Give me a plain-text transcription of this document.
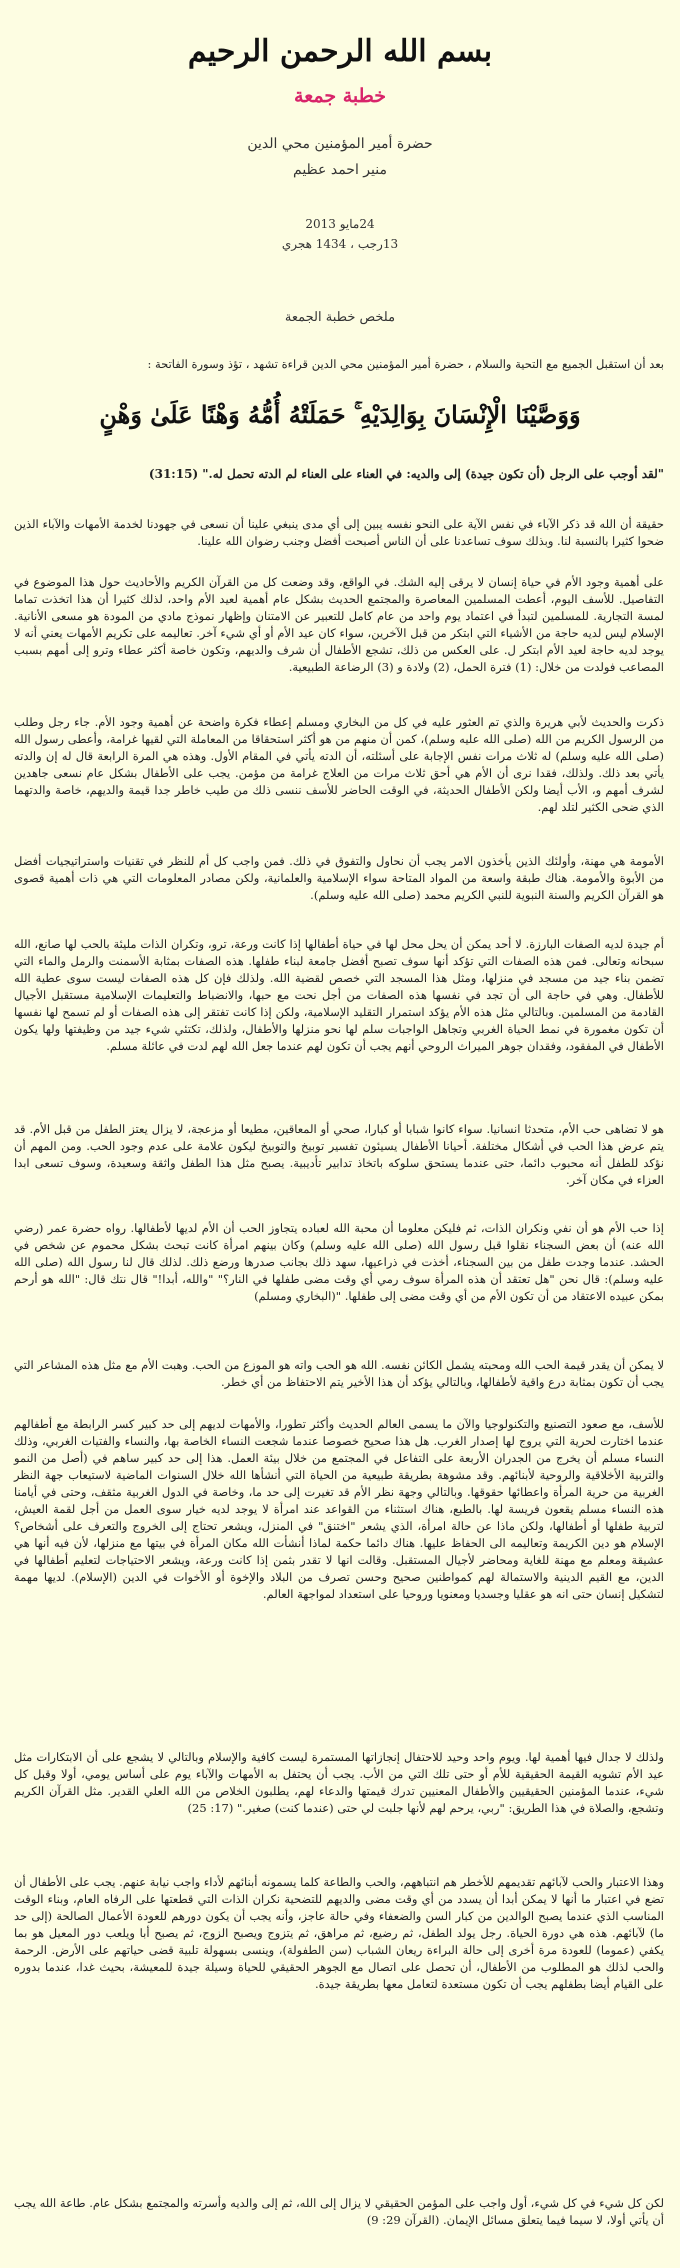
بسم الله الرحمن الرحيم
خطبة جمعة
حضرة أمير المؤمنين محي الدين
منير احمد عظيم
24مايو 2013
13رجب ، 1434 هجري
ملخص خطبة الجمعة
بعد أن استقبل الجميع مع التحية والسلام ، حضرة أمير المؤمنين محي الدين قراءة تشهد ، تؤذ وسورة الفاتحة :
وَوَصَّيْنَا الْإِنْسَانَ بِوَالِدَيْهِ ۚ حَمَلَتْهُ أُمُّهُ وَهْنًا عَلَىٰ وَهْنٍ
"لقد أوجب على الرجل (أن تكون جيدة) إلى والديه: في العناء على العناء لم الدته تحمل له." (31:15)
حقيقة أن الله قد ذكر الآباء في نفس الآية على النحو نفسه يبين إلى أي مدى ينبغي علينا أن نسعى في جهودنا لخدمة الأمهات والآباء الذين ضحوا كثيرا بالنسبة لنا. وبذلك سوف تساعدنا على أن الناس أصبحت أفضل وجنب رضوان الله علينا.
على أهمية وجود الأم في حياة إنسان لا يرقى إليه الشك. في الواقع، وقد وضعت كل من القرآن الكريم والأحاديث حول هذا الموضوع في التفاصيل. للأسف اليوم، أعطت المسلمين المعاصرة والمجتمع الحديث بشكل عام أهمية لعيد الأم واحد، لذلك كثيرا أن هذا اتخذت تماما لمسة التجارية. للمسلمين لتبدأ في اعتماد يوم واحد من عام كامل للتعبير عن الامتنان وإظهار نموذج مادي من المودة هو مسعى الأنانية. الإسلام ليس لديه حاجة من الأشياء التي ابتكر من قبل الآخرين، سواء كان عيد الأم أو أي شيء آخر. تعاليمه على تكريم الأمهات يعني أنه لا يوجد لديه حاجة لعيد الأم ابتكر ل. على العكس من ذلك، تشجع الأطفال أن شرف والديهم، وتكون خاصة أكثر عطاء وترو إلى أمهم بسبب المصاعب فولدت من خلال: (1) فترة الحمل، (2) ولادة و (3) الرضاعة الطبيعية.
ذكرت والحديث لأبي هريرة والذي تم العثور عليه في كل من البخاري ومسلم إعطاء فكرة واضحة عن أهمية وجود الأم. جاء رجل وطلب من الرسول الكريم من الله (صلى الله عليه وسلم)، كمن أن منهم من هو أكثر استحقاقا من المعاملة التي لقيها غرامة، وأعطى رسول الله (صلى الله عليه وسلم) له ثلاث مرات نفس الإجابة على أسئلته، أن الدته يأتي في المقام الأول. وهذه هي المرة الرابعة قال له إن والدته يأتي بعد ذلك. ولذلك، فقدا نرى أن الأم هي أحق ثلاث مرات من العلاج غرامة من مؤمن. يجب على الأطفال بشكل عام نسعى جاهدين لشرف أمهم و، الأب أيضا ولكن الأطفال الحديثة، في الوقت الحاضر للأسف ننسى ذلك من طيب خاطر جدا قيمة والديهم، خاصة والدتهما الذي ضحى الكثير لتلد لهم.
الأمومة هي مهنة، وأولئك الذين يأخذون الامر يجب أن نحاول والتفوق في ذلك. فمن واجب كل أم للنظر في تقنيات واستراتيجيات أفضل من الأبوة والأمومة. هناك طبقة واسعة من المواد المتاحة سواء الإسلامية والعلمانية، ولكن مصادر المعلومات التي هي ذات أهمية قصوى هو القرآن الكريم والسنة النبوية للنبي الكريم محمد (صلى الله عليه وسلم).
أم جيدة لديه الصفات البارزة. لا أحد يمكن أن يحل محل لها في حياة أطفالها إذا كانت ورعة، ترو، وتكران الذات مليئة بالحب لها صانع، الله سبحانه وتعالى. فمن هذه الصفات التي تؤكد أنها سوف تصبح أفضل جامعة لبناء طفلها. هذه الصفات بمثابة الأسمنت والرمل والماء التي تضمن بناء جيد من مسجد في منزلها، ومثل هذا المسجد التي خصص لقضية الله. ولذلك فإن كل هذه الصفات ليست سوى عطية الله للأطفال. وهي في حاجة الى أن تجد في نفسها هذه الصفات من أجل نحت مع حبها، والانضباط والتعليمات الإسلامية مستقبل الأجيال القادمة من المسلمين. وبالتالي مثل هذه الأم يؤكد استمرار التقليد الإسلامية، ولكن إذا كانت تفتقر إلى هذه الصفات أو لم تسمح لها نفسها أن تكون مغمورة في نمط الحياة الغربي وتجاهل الواجبات سلم لها نحو منزلها والأطفال، ولذلك، تكتئي شيء جيد من وظيفتها ولها يكون الأطفال في المفقود، وفقدان جوهر الميراث الروحي أنهم يجب أن تكون لهم عندما جعل الله لهم لدت في عائلة مسلم.
هو لا تضاهى حب الأم، متحدثا انسانيا. سواء كانوا شبابا أو كبارا، صحي أو المعاقين، مطيعا أو مزعجة، لا يزال يعتز الطفل من قبل الأم. قد يتم عرض هذا الحب في أشكال مختلفة. أحيانا الأطفال يسيئون تفسير توبيخ والتوبيخ ليكون علامة على عدم وجود الحب. ومن المهم أن نؤكد للطفل أنه محبوب دائما، حتى عندما يستحق سلوكه باتخاذ تدابير تأديبية. يصبح مثل هذا الطفل واثقة وسعيدة، وسوف تسعى ابدا العزاء في مكان آخر.
إذا حب الأم هو أن نفي ونكران الذات، ثم فليكن معلوما أن محبة الله لعباده يتجاوز الحب أن الأم لديها لأطفالها. رواه حضرة عمر (رضي الله عنه) أن بعض السجناء نقلوا قبل رسول الله (صلى الله عليه وسلم) وكان بينهم امرأة كانت تبحث بشكل محموم عن شخص في الحشد. عندما وجدت طفل من بين السجناء، أخذت في ذراعيها، سهد ذلك بجانب صدرها ورضع ذلك. لذلك قال لنا رسول الله (صلى الله عليه وسلم): قال نحن "هل تعتقد أن هذه المرأة سوف رمي أي وقت مضى طفلها في النار؟" "والله، أبدا!" قال نتك قال: "الله هو أرحم بمكن عبيده الاعتقاد من أن تكون الأم من أي وقت مضى إلى طفلها. "(البخاري ومسلم)
لا يمكن أن يقدر قيمة الحب الله ومحبته يشمل الكائن نفسه. الله هو الحب واته هو الموزع من الحب. وهبت الأم مع مثل هذه المشاعر التي يجب أن تكون بمثابة درع واقية لأطفالها، وبالتالي يؤكد أن هذا الأخير يتم الاحتفاظ من أي خطر.
للأسف، مع صعود التصنيع والتكنولوجيا والآن ما يسمى العالم الحديث وأكثر تطورا، والأمهات لديهم إلى حد كبير كسر الرابطة مع أطفالهم عندما اختارت لحرية التي يروج لها إصدار الغرب. هل هذا صحيح خصوصا عندما شجعت النساء الخاصة بها، والنساء والفتيات الغربي، وذلك النساء مسلم أن يخرج من الجدران الأربعة على التفاعل في المجتمع من خلال بيئة العمل. هذا إلى حد كبير ساهم في (أصل من النمو والتربية الأخلاقية والروحية لأبنائهم. وقد مشوهة بطريقة طبيعية من الحياة التي أنشأها الله خلال السنوات الماضية لاستيعاب جهة النظر الغربية من حرية المرأة واعطائها حقوقها. وبالتالي وجهة نظر الأم قد تغيرت إلى حد ما، وخاصة في الدول الغربية مثقف، وحتى في أيامنا هذه النساء مسلم يقعون فريسة لها. بالطبع، هناك استثناء من القواعد عند امرأة لا يوجد لديه خيار سوى العمل من أجل لقمة العيش، لتربية طفلها أو أطفالها، ولكن ماذا عن حالة امرأة، الذي يشعر "اختنق" في المنزل، ويشعر تحتاج إلى الخروج والتعرف على أشخاص؟ الإسلام هو دين الكريمة وتعاليمه الى الحفاظ عليها. هناك دائما حكمة لماذا أنشأت الله مكان المرأة في بيتها مع منزلها، لأن فيه أنها هي عشيقة ومعلم مع مهنة للغاية ومحاضر لأجيال المستقبل. وقالت انها لا تقدر بثمن إذا كانت ورعة، ويشعر الاحتياجات لتعليم أطفالها في الدين، مع القيم الدينية والاستمالة لهم كمواطنين صحيح وحسن تصرف من البلاد والإخوة أو الأخوات في الدين (الإسلام). لديها مهمة لتشكيل إنسان حتى انه هو عقليا وجسديا ومعنويا وروحيا على استعداد لمواجهة العالم.
ولذلك لا جدال فيها أهمية لها. ويوم واحد وحيد للاحتفال إنجازاتها المستمرة ليست كافية والإسلام وبالتالي لا يشجع على أن الابتكارات مثل عيد الأم تشويه القيمة الحقيقية للأم أو حتى تلك التي من الأب. يجب أن يحتفل به الأمهات والآباء يوم على أساس يومي، أولا وقبل كل شيء، عندما المؤمنين الحقيقيين والأطفال المعنيين تدرك قيمتها والدعاء لهم، يطلبون الخلاص من الله العلي القدير. مثل القرآن الكريم وتشجع، والصلاة في هذا الطريق: "ربي، يرحم لهم لأنها جلبت لي حتى (عندما كنت) صغير." (17: 25)
وهذا الاعتبار والحب لآبائهم تقديمهم للأخطر هم انتباههم، والحب والطاعة كلما يسمونه أبنائهم لأداء واجب نيابة عنهم. يجب على الأطفال أن تضع في اعتبار ما أنها لا يمكن أبدا أن يسدد من أي وقت مضى والديهم للتضحية نكران الذات التي قطعتها على الرفاه العام، وبناء الوقت المناسب الذي عندما يصبح الوالدين من كبار السن والضعفاء وفي حالة عاجز، وأنه يجب أن يكون دورهم للعودة الأعمال الصالحة (إلى حد ما) لآبائهم. هذه هي دورة الحياة. رجل يولد الطفل، ثم رضيع، ثم مراهق، ثم يتزوج ويصبح الزوج، ثم يصبح أبا ويلعب دور المعيل هو بما يكفي (عموما) للعودة مرة أخرى إلى حالة البراءة ريعان الشباب (سن الطفولة)، وينسى بسهولة تلبية قضى حياتهم على الأرض. الرحمة والحب لذلك هو المطلوب من الأطفال، أن تحصل على اتصال مع الجوهر الحقيقي للحياة وسيلة جيدة للمعيشة، بحيث غدا، عندما بدوره على القيام أيضا بطفلهم يجب أن تكون مستعدة لتعامل معها بطريقة جيدة.
لكن كل شيء في كل شيء، أول واجب على المؤمن الحقيقي لا يزال إلى الله، ثم إلى والديه وأسرته والمجتمع بشكل عام. طاعة الله يجب أن يأتي أولا، لا سيما فيما يتعلق مسائل الإيمان. (القرآن 29: 9)
